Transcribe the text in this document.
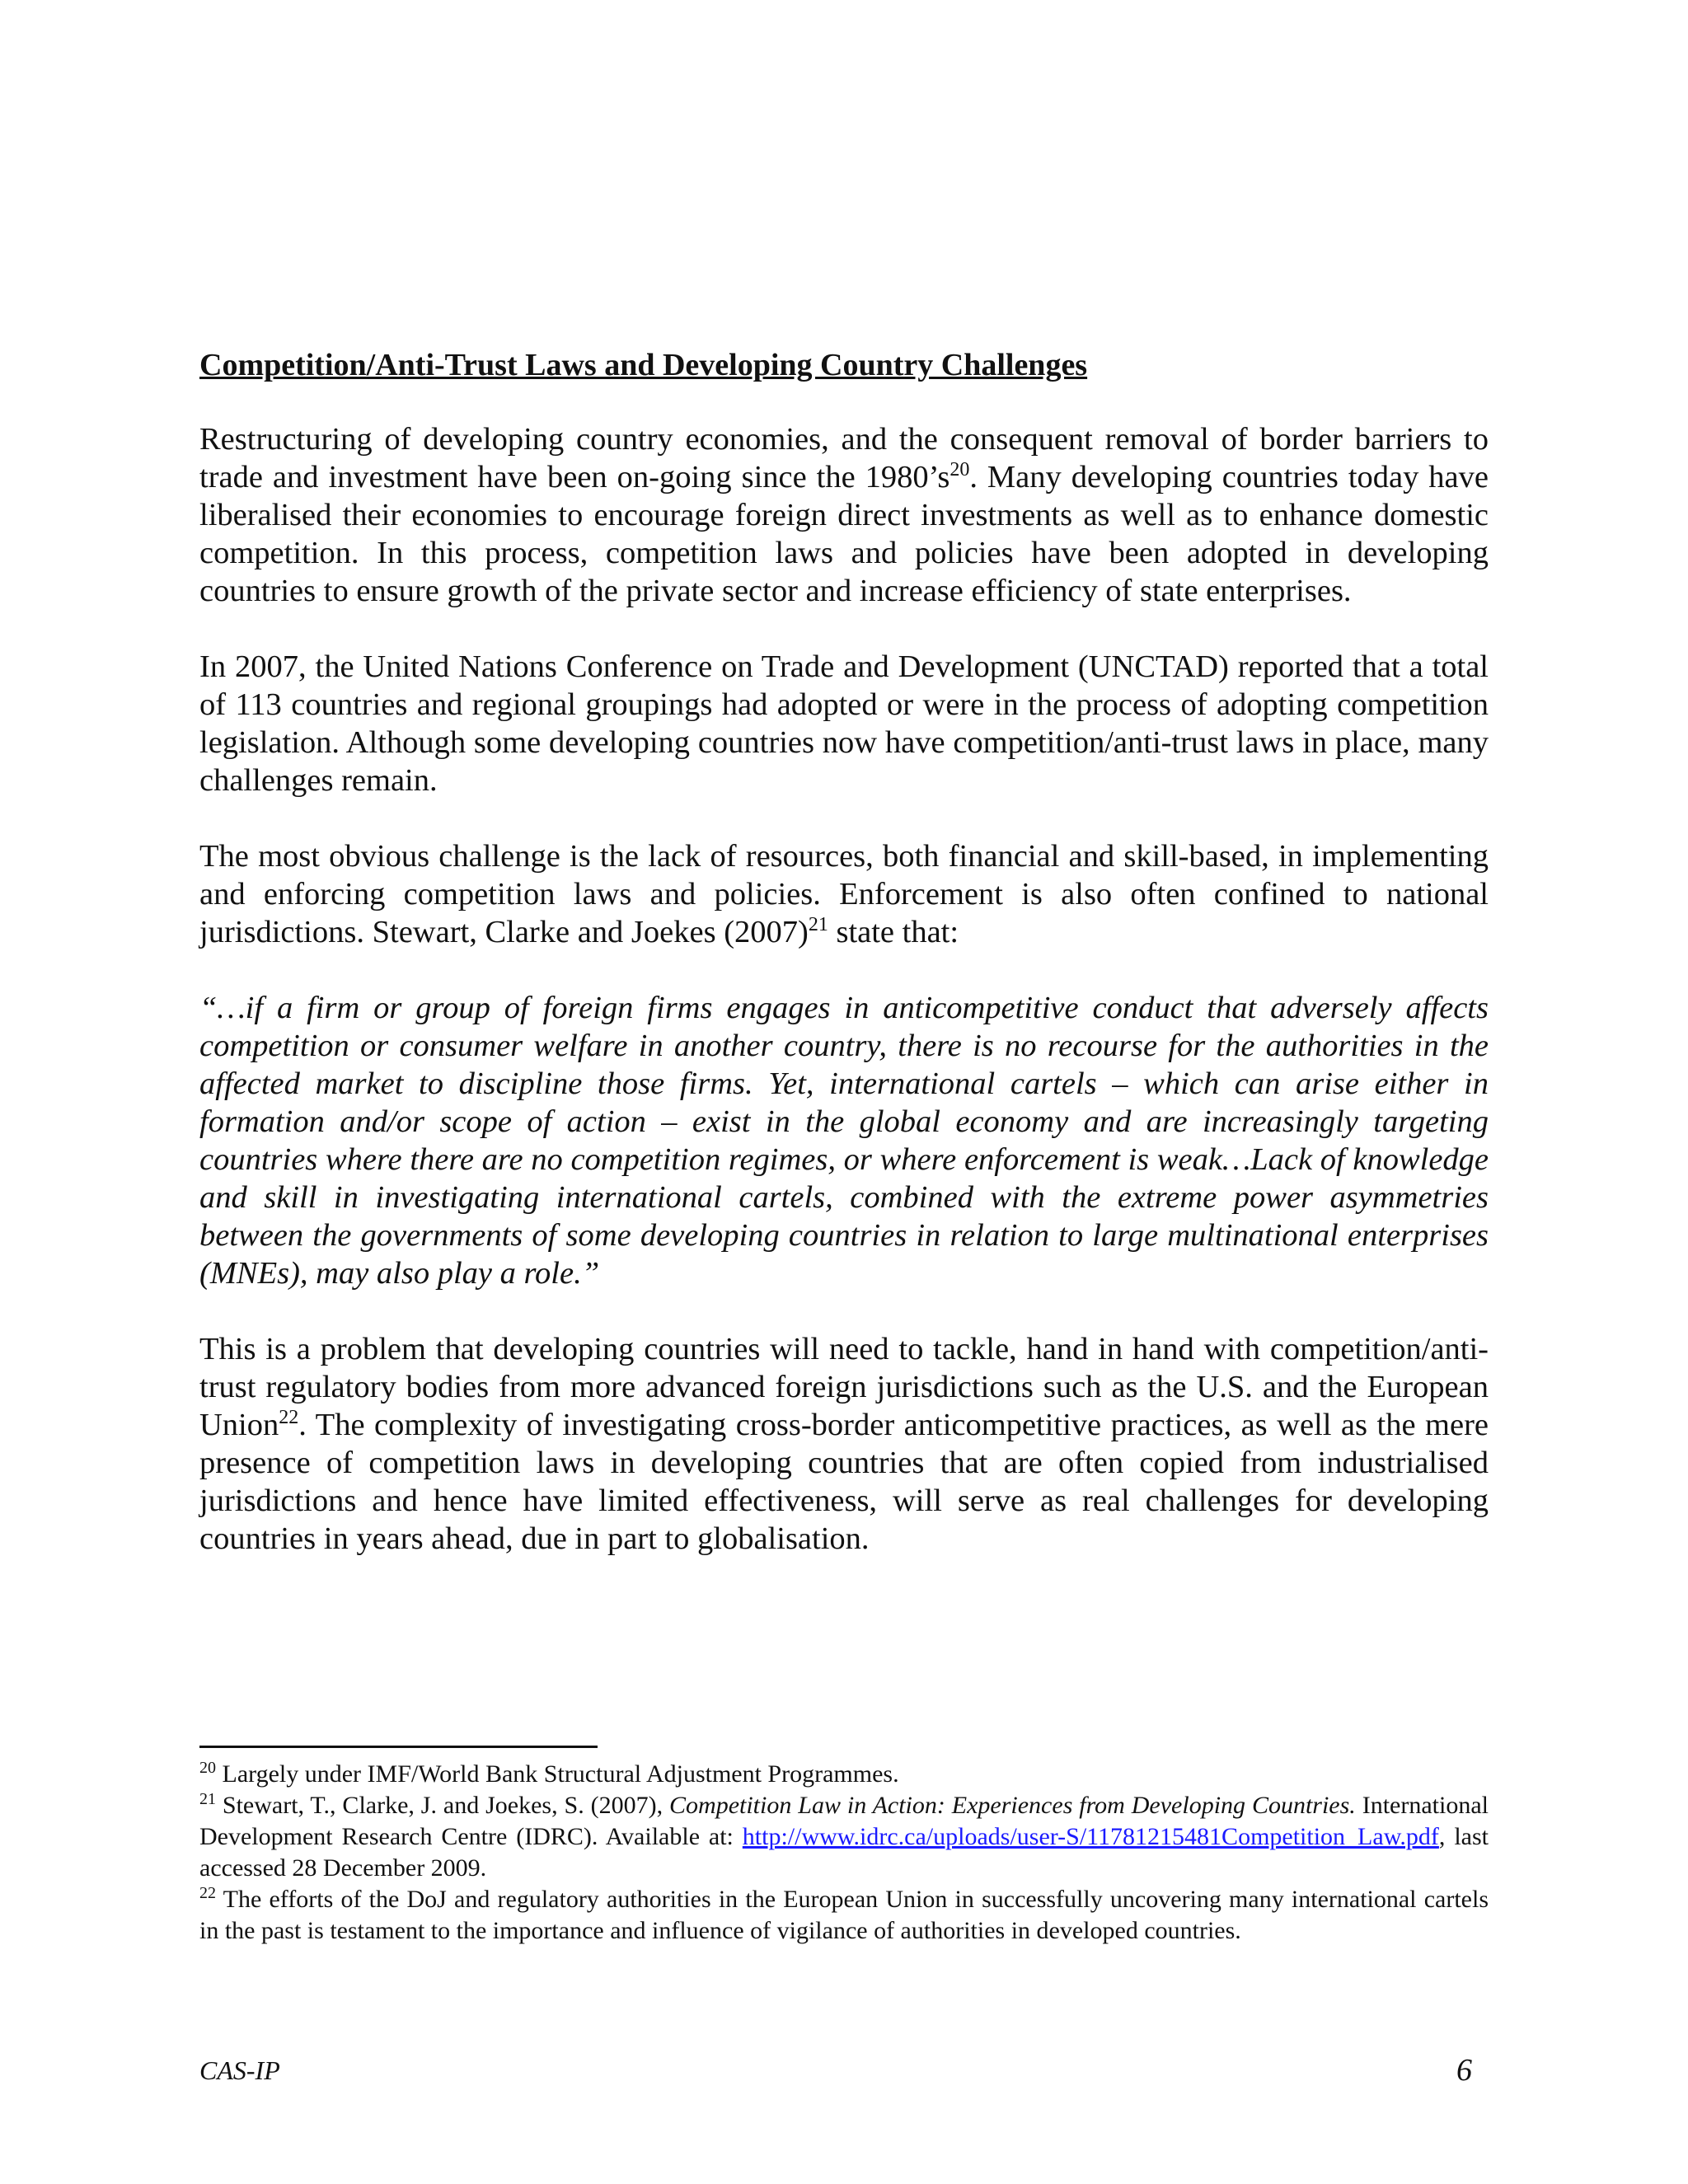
Competition/Anti-Trust Laws and Developing Country Challenges

Restructuring of developing country economies, and the consequent removal of border barriers to trade and investment have been on-going since the $1980’s^{20}$. Many developing countries today have liberalised their economies to encourage foreign direct investments as well as to enhance domestic competition. In this process, competition laws and policies have been adopted in developing countries to ensure growth of the private sector and increase efficiency of state enterprises.

In 2007, the United Nations Conference on Trade and Development (UNCTAD) reported that a total of 113 countries and regional groupings had adopted or were in the process of adopting competition legislation. Although some developing countries now have competition/anti-trust laws in place, many challenges remain.

The most obvious challenge is the lack of resources, both financial and skill-based, in implementing and enforcing competition laws and policies. Enforcement is also often confined to national jurisdictions. Stewart, Clarke and Joekes $(2007)^{21}$ state that:

“…if a firm or group of foreign firms engages in anticompetitive conduct that adversely affects competition or consumer welfare in another country, there is no recourse for the authorities in the affected market to discipline those firms. Yet, international cartels – which can arise either in formation and/or scope of action – exist in the global economy and are increasingly targeting countries where there are no competition regimes, or where enforcement is weak…Lack of knowledge and skill in investigating international cartels, combined with the extreme power asymmetries between the governments of some developing countries in relation to large multinational enterprises (MNEs), may also play a role.”

This is a problem that developing countries will need to tackle, hand in hand with competition/anti-trust regulatory bodies from more advanced foreign jurisdictions such as the U.S. and the European Union$^{22}$. The complexity of investigating cross-border anticompetitive practices, as well as the mere presence of competition laws in developing countries that are often copied from industrialised jurisdictions and hence have limited effectiveness, will serve as real challenges for developing countries in years ahead, due in part to globalisation.

$^{20}$ Largely under IMF/World Bank Structural Adjustment Programmes.

$^{21}$ Stewart, T., Clarke, J. and Joekes, S. (2007), Competition Law in Action: Experiences from Developing Countries. International Development Research Centre (IDRC). Available at: http://www.idrc.ca/uploads/user-S/11781215481Competition_Law.pdf, last accessed 28 December 2009.

$^{22}$ The efforts of the DoJ and regulatory authorities in the European Union in successfully uncovering many international cartels in the past is testament to the importance and influence of vigilance of authorities in developed countries.

CAS-IP	6
